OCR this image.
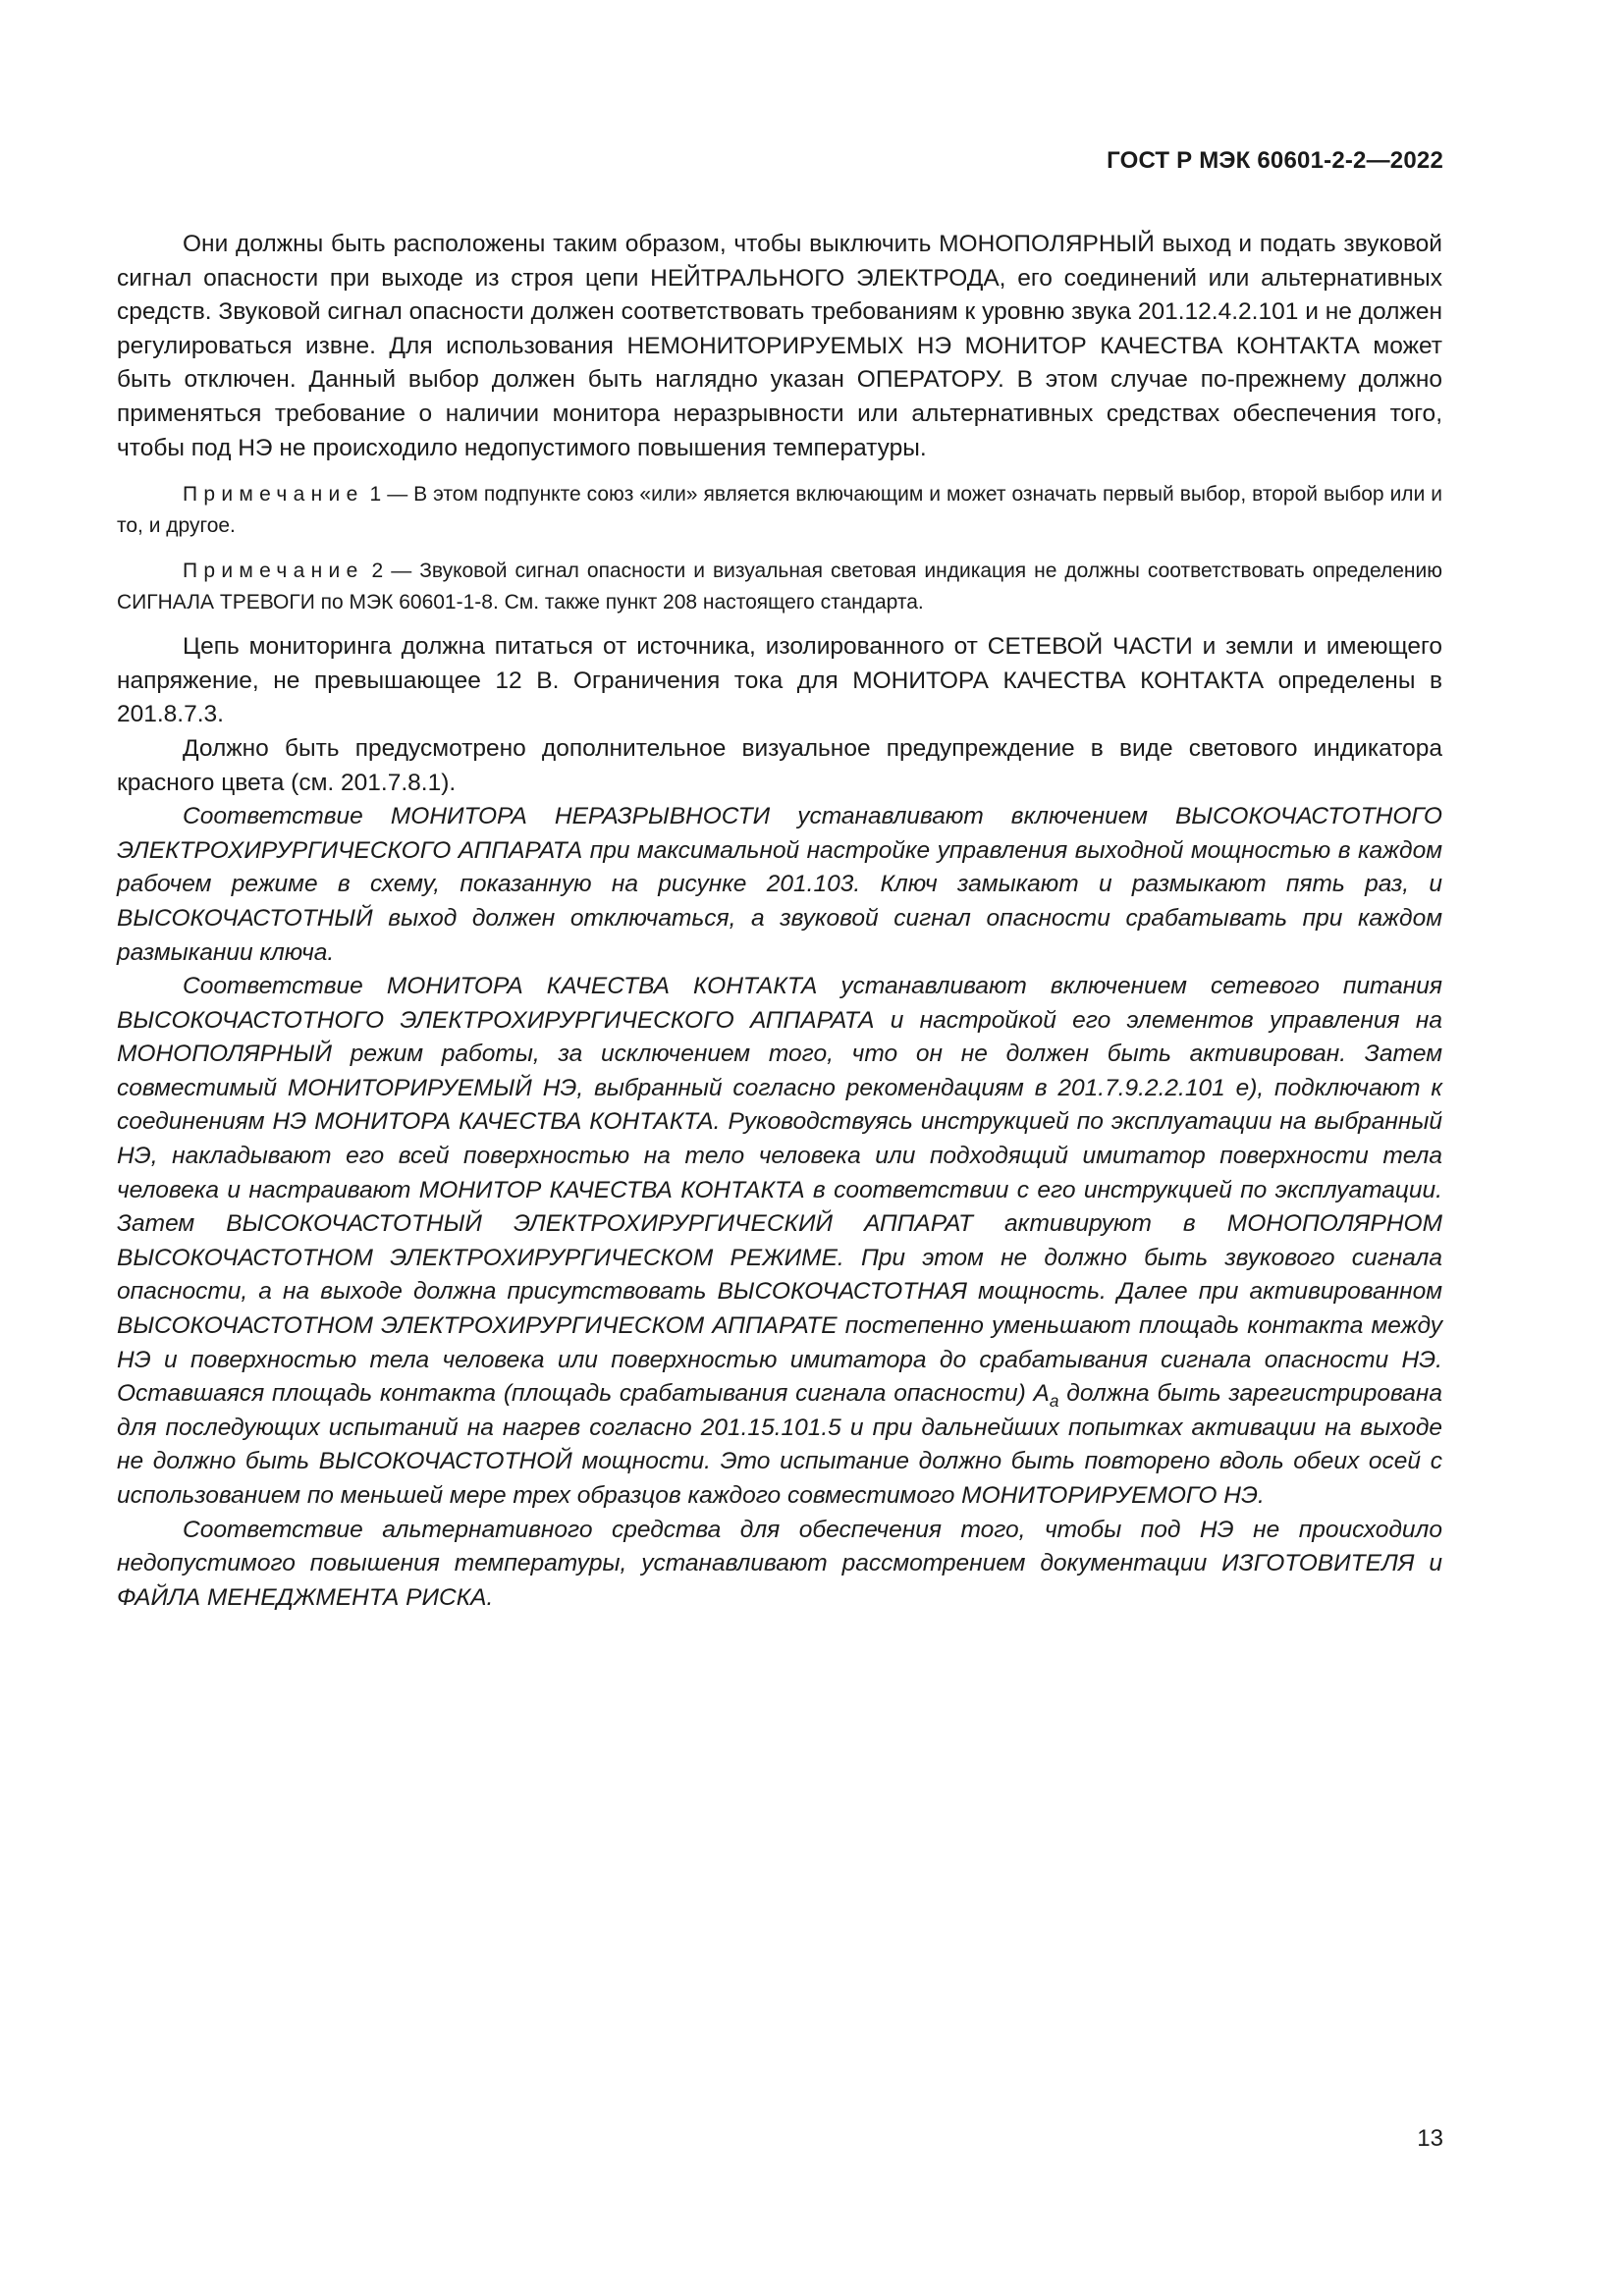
ГОСТ Р МЭК 60601-2-2—2022

Они должны быть расположены таким образом, чтобы выключить МОНОПОЛЯРНЫЙ выход и подать звуковой сигнал опасности при выходе из строя цепи НЕЙТРАЛЬНОГО ЭЛЕКТРОДА, его соединений или альтернативных средств. Звуковой сигнал опасности должен соответствовать требованиям к уровню звука 201.12.4.2.101 и не должен регулироваться извне. Для использования НЕМОНИТОРИРУЕМЫХ НЭ МОНИТОР КАЧЕСТВА КОНТАКТА может быть отключен. Данный выбор должен быть наглядно указан ОПЕРАТОРУ. В этом случае по-прежнему должно применяться требование о наличии монитора неразрывности или альтернативных средствах обеспечения того, чтобы под НЭ не происходило недопустимого повышения температуры.

Примечание 1 — В этом подпункте союз «или» является включающим и может означать первый выбор, второй выбор или и то, и другое.

Примечание 2 — Звуковой сигнал опасности и визуальная световая индикация не должны соответствовать определению СИГНАЛА ТРЕВОГИ по МЭК 60601-1-8. См. также пункт 208 настоящего стандарта.

Цепь мониторинга должна питаться от источника, изолированного от СЕТЕВОЙ ЧАСТИ и земли и имеющего напряжение, не превышающее 12 В. Ограничения тока для МОНИТОРА КАЧЕСТВА КОНТАКТА определены в 201.8.7.3.

Должно быть предусмотрено дополнительное визуальное предупреждение в виде светового индикатора красного цвета (см. 201.7.8.1).

Соответствие МОНИТОРА НЕРАЗРЫВНОСТИ устанавливают включением ВЫСОКОЧАСТОТНОГО ЭЛЕКТРОХИРУРГИЧЕСКОГО АППАРАТА при максимальной настройке управления выходной мощностью в каждом рабочем режиме в схему, показанную на рисунке 201.103. Ключ замыкают и размыкают пять раз, и ВЫСОКОЧАСТОТНЫЙ выход должен отключаться, а звуковой сигнал опасности срабатывать при каждом размыкании ключа.

Соответствие МОНИТОРА КАЧЕСТВА КОНТАКТА устанавливают включением сетевого питания ВЫСОКОЧАСТОТНОГО ЭЛЕКТРОХИРУРГИЧЕСКОГО АППАРАТА и настройкой его элементов управления на МОНОПОЛЯРНЫЙ режим работы, за исключением того, что он не должен быть активирован. Затем совместимый МОНИТОРИРУЕМЫЙ НЭ, выбранный согласно рекомендациям в 201.7.9.2.2.101 е), подключают к соединениям НЭ МОНИТОРА КАЧЕСТВА КОНТАКТА. Руководствуясь инструкцией по эксплуатации на выбранный НЭ, накладывают его всей поверхностью на тело человека или подходящий имитатор поверхности тела человека и настраивают МОНИТОР КАЧЕСТВА КОНТАКТА в соответствии с его инструкцией по эксплуатации. Затем ВЫСОКОЧАСТОТНЫЙ ЭЛЕКТРОХИРУРГИЧЕСКИЙ АППАРАТ активируют в МОНОПОЛЯРНОМ ВЫСОКОЧАСТОТНОМ ЭЛЕКТРОХИРУРГИЧЕСКОМ РЕЖИМЕ. При этом не должно быть звукового сигнала опасности, а на выходе должна присутствовать ВЫСОКОЧАСТОТНАЯ мощность. Далее при активированном ВЫСОКОЧАСТОТНОМ ЭЛЕКТРОХИРУРГИЧЕСКОМ АППАРАТЕ постепенно уменьшают площадь контакта между НЭ и поверхностью тела человека или поверхностью имитатора до срабатывания сигнала опасности НЭ. Оставшаяся площадь контакта (площадь срабатывания сигнала опасности) $A_a$ должна быть зарегистрирована для последующих испытаний на нагрев согласно 201.15.101.5 и при дальнейших попытках активации на выходе не должно быть ВЫСОКОЧАСТОТНОЙ мощности. Это испытание должно быть повторено вдоль обеих осей с использованием по меньшей мере трех образцов каждого совместимого МОНИТОРИРУЕМОГО НЭ.

Соответствие альтернативного средства для обеспечения того, чтобы под НЭ не происходило недопустимого повышения температуры, устанавливают рассмотрением документации ИЗГОТОВИТЕЛЯ и ФАЙЛА МЕНЕДЖМЕНТА РИСКА.

13
